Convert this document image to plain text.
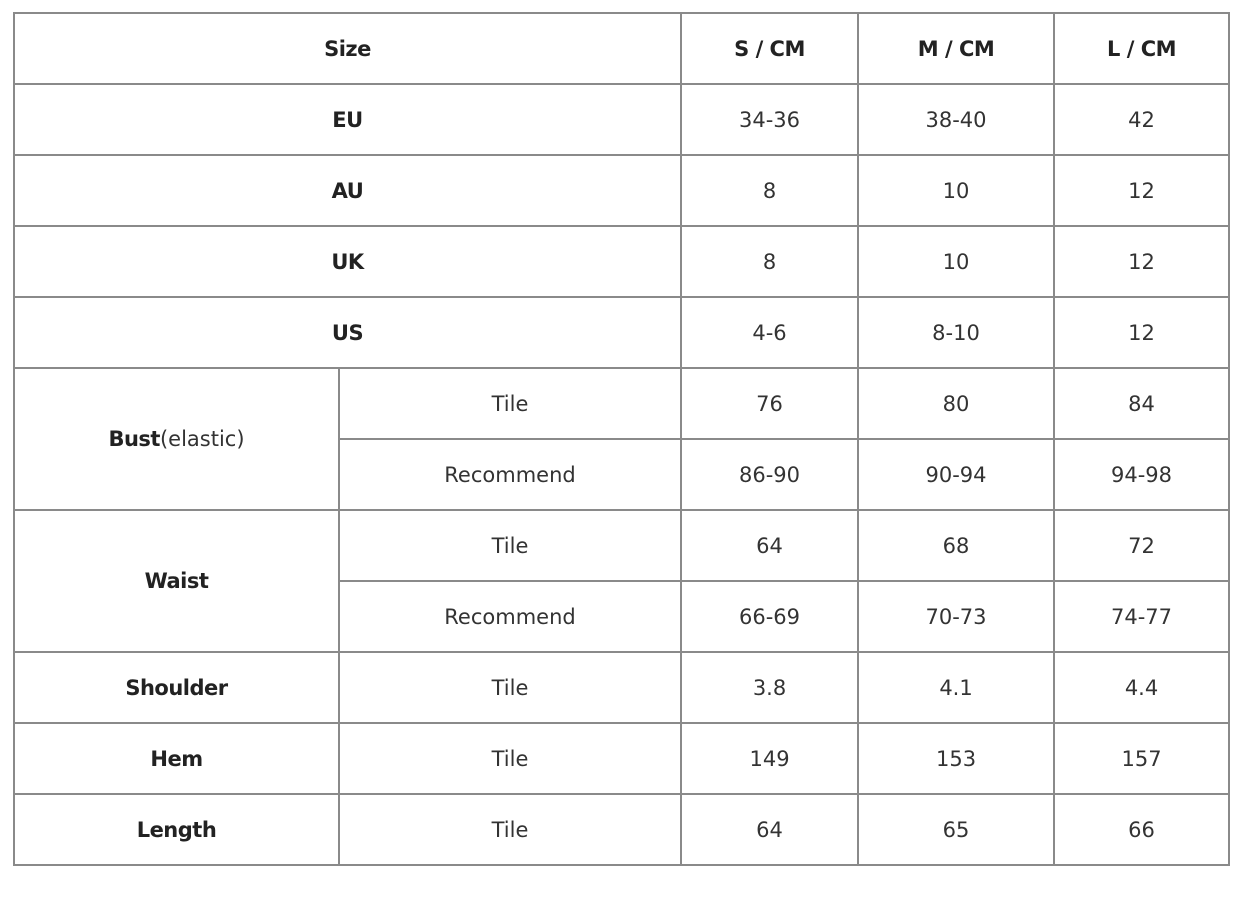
Size		S / CM	M / CM	L / CM
EU		34-36	38-40	42
AU		8	10	12
UK		8	10	12
US		4-6	8-10	12
Bust(elastic)	Tile	76	80	84
	Recommend	86-90	90-94	94-98
Waist	Tile	64	68	72
	Recommend	66-69	70-73	74-77
Shoulder	Tile	3.8	4.1	4.4
Hem	Tile	149	153	157
Length	Tile	64	65	66
